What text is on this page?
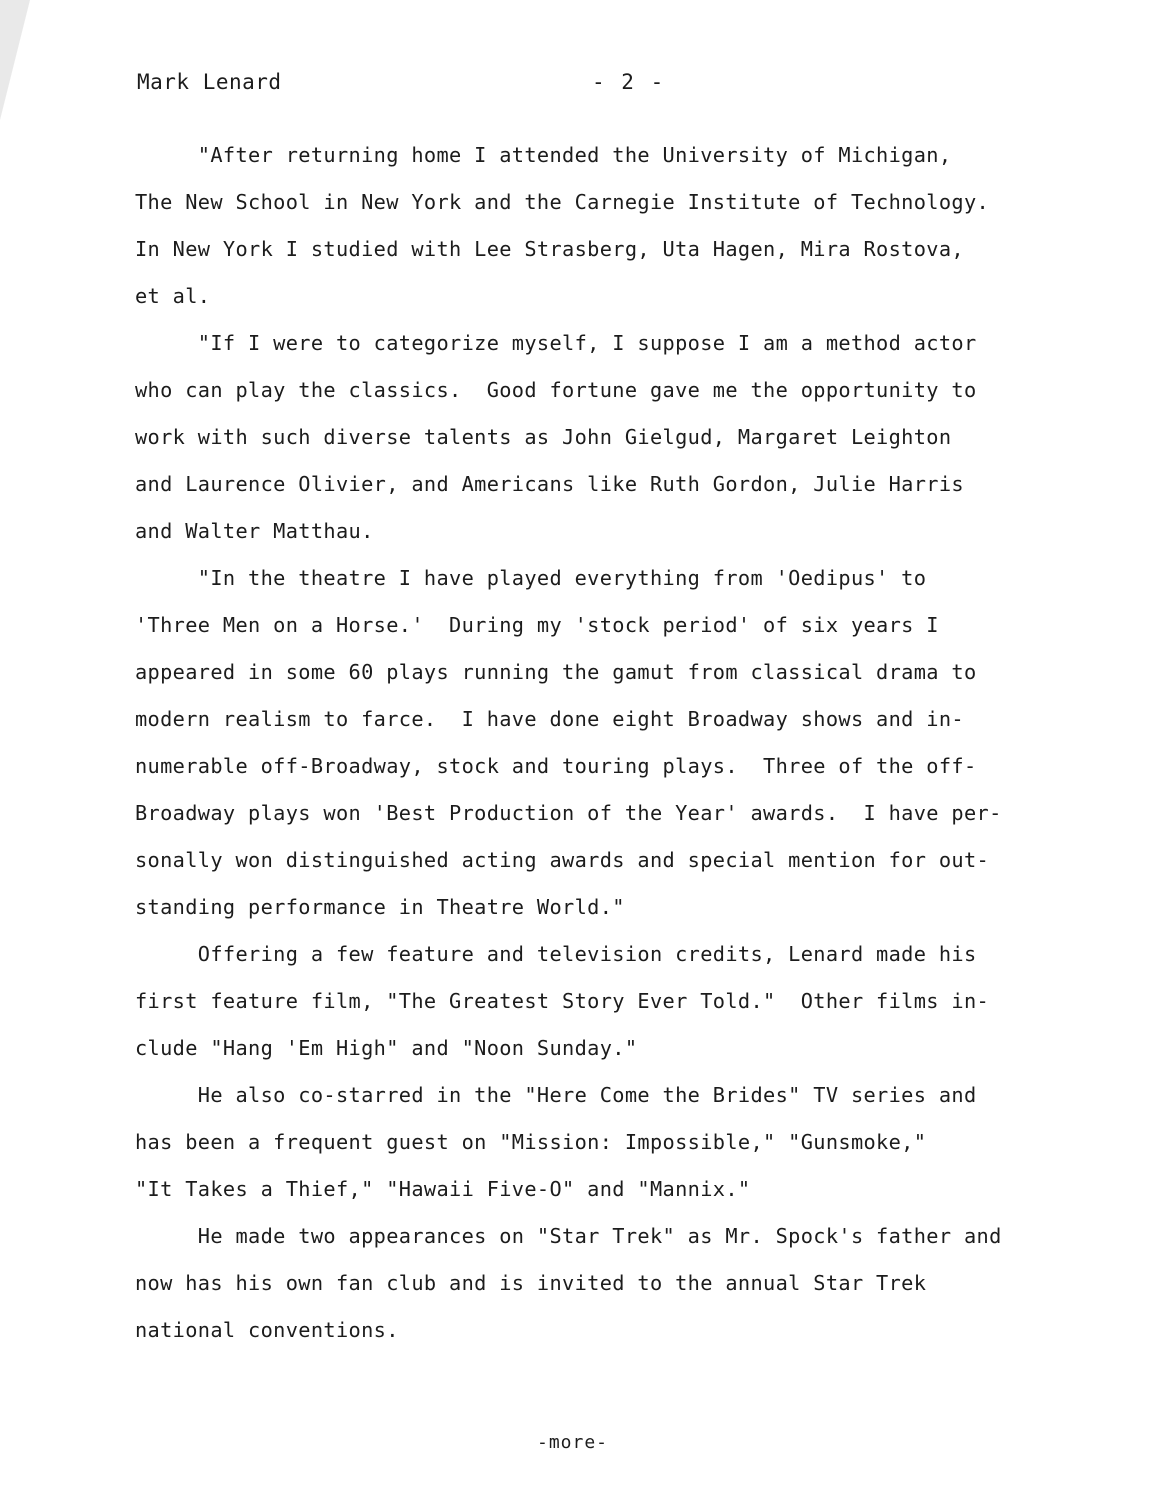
Mark Lenard	- 2 -
"After returning home I attended the University of Michigan,
The New School in New York and the Carnegie Institute of Technology.
In New York I studied with Lee Strasberg, Uta Hagen, Mira Rostova,
et al.
"If I were to categorize myself, I suppose I am a method actor
who can play the classics.  Good fortune gave me the opportunity to
work with such diverse talents as John Gielgud, Margaret Leighton
and Laurence Olivier, and Americans like Ruth Gordon, Julie Harris
and Walter Matthau.
"In the theatre I have played everything from 'Oedipus' to
'Three Men on a Horse.'  During my 'stock period' of six years I
appeared in some 60 plays running the gamut from classical drama to
modern realism to farce.  I have done eight Broadway shows and in-
numerable off-Broadway, stock and touring plays.  Three of the off-
Broadway plays won 'Best Production of the Year' awards.  I have per-
sonally won distinguished acting awards and special mention for out-
standing performance in Theatre World."
Offering a few feature and television credits, Lenard made his
first feature film, "The Greatest Story Ever Told."  Other films in-
clude "Hang 'Em High" and "Noon Sunday."
He also co-starred in the "Here Come the Brides" TV series and
has been a frequent guest on "Mission: Impossible," "Gunsmoke,"
"It Takes a Thief," "Hawaii Five-O" and "Mannix."
He made two appearances on "Star Trek" as Mr. Spock's father and
now has his own fan club and is invited to the annual Star Trek
national conventions.
-more-
